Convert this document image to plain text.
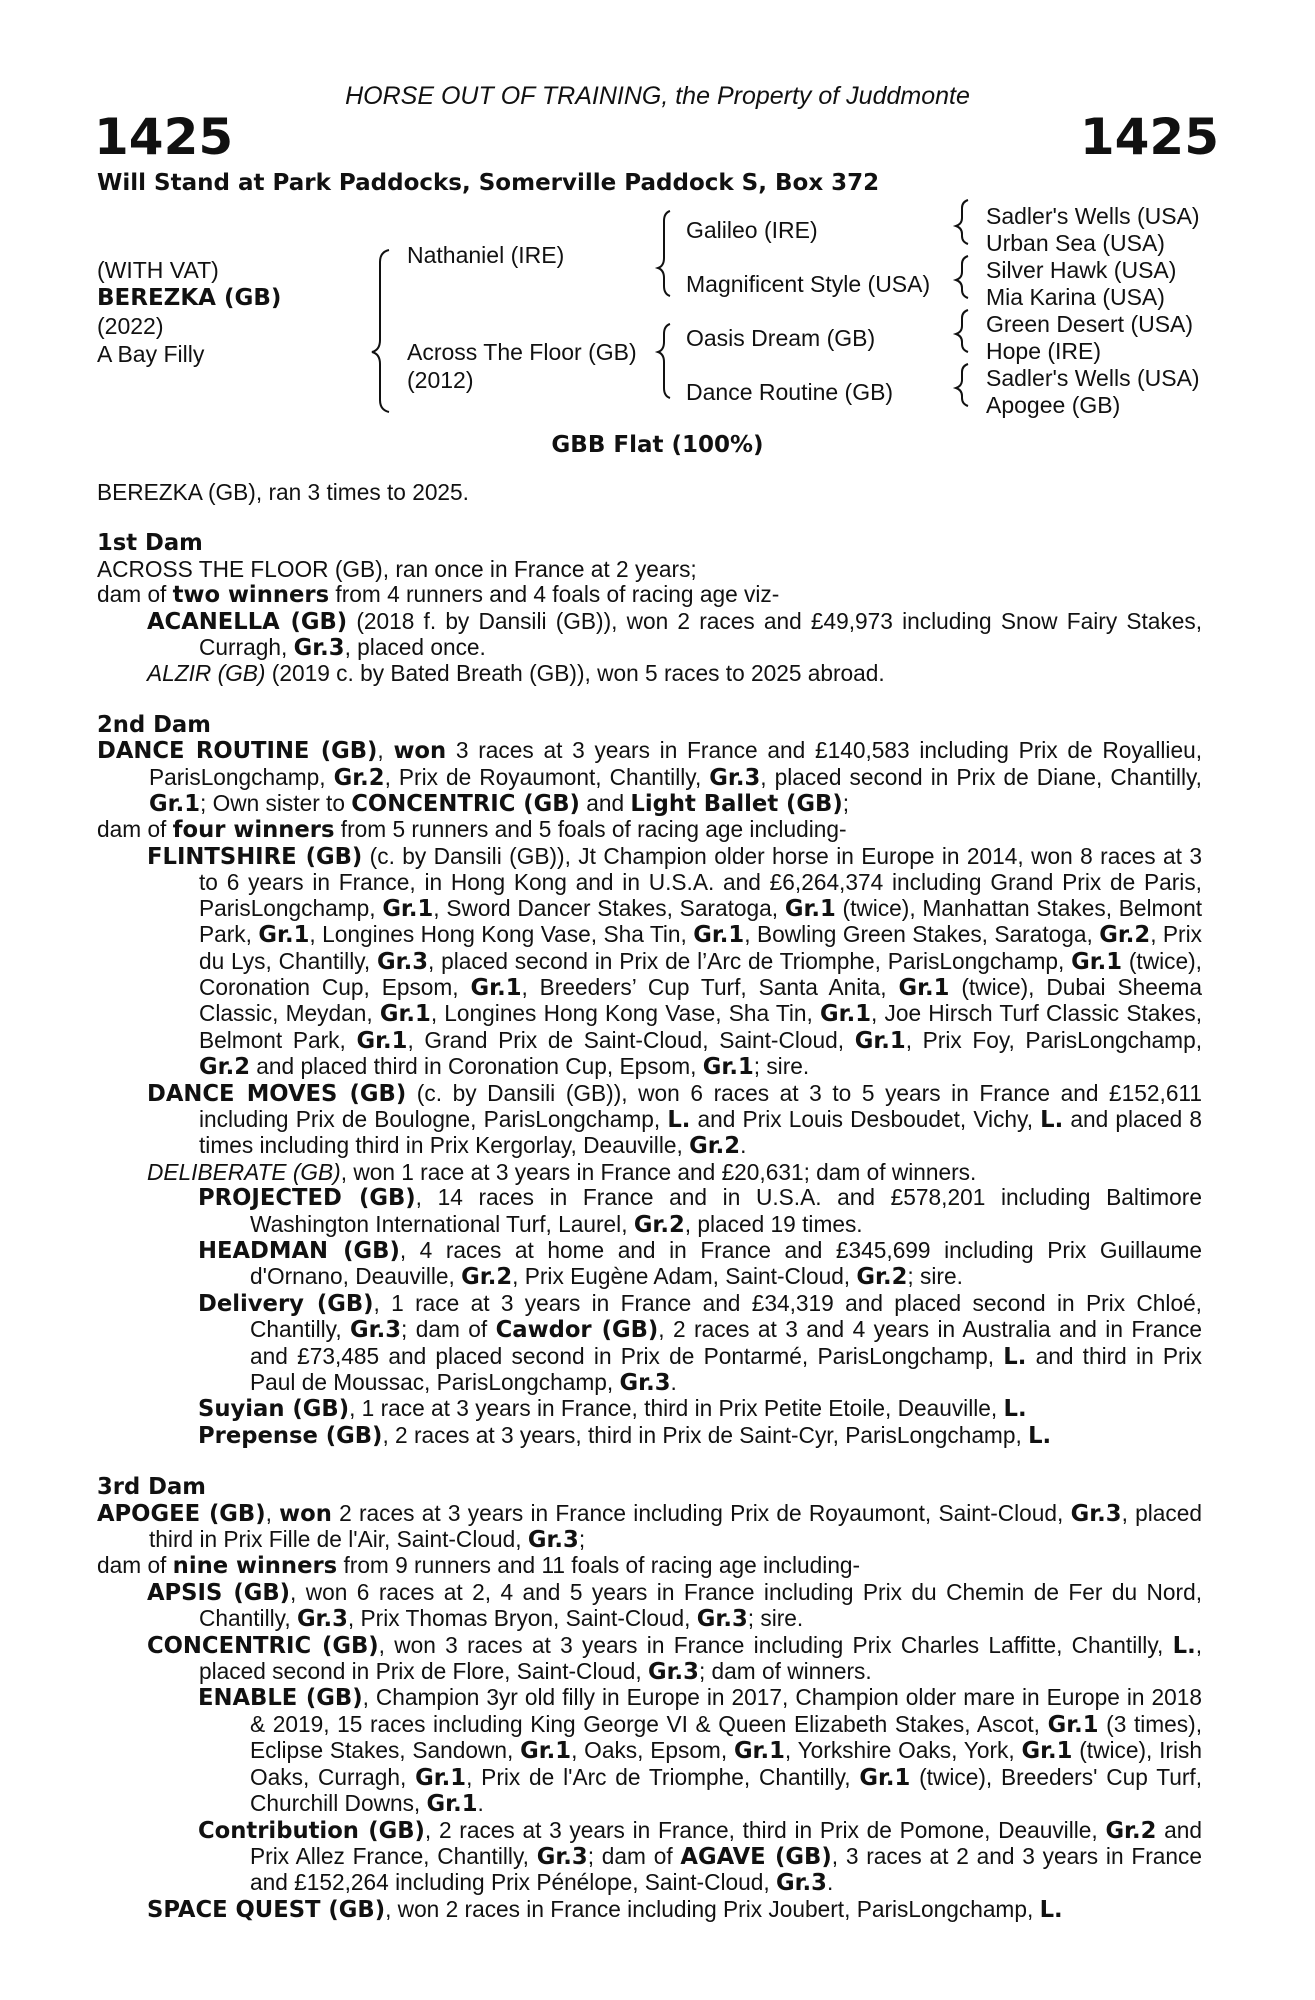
HORSE OUT OF TRAINING, the Property of Juddmonte
1425	1425
Will Stand at Park Paddocks, Somerville Paddock S, Box 372
(WITH VAT)
BEREZKA (GB)
(2022)
A Bay Filly
Nathaniel (IRE)
Across The Floor (GB)
(2012)
Galileo (IRE)
Magnificent Style (USA)
Oasis Dream (GB)
Dance Routine (GB)
Sadler's Wells (USA)
Urban Sea (USA)
Silver Hawk (USA)
Mia Karina (USA)
Green Desert (USA)
Hope (IRE)
Sadler's Wells (USA)
Apogee (GB)
GBB Flat (100%)

BEREZKA (GB), ran 3 times to 2025.

1st Dam

ACROSS THE FLOOR (GB), ran once in France at 2 years;

dam of two winners from 4 runners and 4 foals of racing age viz-

ACANELLA (GB) (2018 f. by Dansili (GB)), won 2 races and £49,973 including Snow Fairy Stakes, Curragh, Gr.3, placed once.

ALZIR (GB) (2019 c. by Bated Breath (GB)), won 5 races to 2025 abroad.

2nd Dam

DANCE ROUTINE (GB), won 3 races at 3 years in France and £140,583 including Prix de Royallieu, ParisLongchamp, Gr.2, Prix de Royaumont, Chantilly, Gr.3, placed second in Prix de Diane, Chantilly, Gr.1; Own sister to CONCENTRIC (GB) and Light Ballet (GB);

dam of four winners from 5 runners and 5 foals of racing age including-

FLINTSHIRE (GB) (c. by Dansili (GB)), Jt Champion older horse in Europe in 2014, won 8 races at 3 to 6 years in France, in Hong Kong and in U.S.A. and £6,264,374 including Grand Prix de Paris, ParisLongchamp, Gr.1, Sword Dancer Stakes, Saratoga, Gr.1 (twice), Manhattan Stakes, Belmont Park, Gr.1, Longines Hong Kong Vase, Sha Tin, Gr.1, Bowling Green Stakes, Saratoga, Gr.2, Prix du Lys, Chantilly, Gr.3, placed second in Prix de l’Arc de Triomphe, ParisLongchamp, Gr.1 (twice), Coronation Cup, Epsom, Gr.1, Breeders’ Cup Turf, Santa Anita, Gr.1 (twice), Dubai Sheema Classic, Meydan, Gr.1, Longines Hong Kong Vase, Sha Tin, Gr.1, Joe Hirsch Turf Classic Stakes, Belmont Park, Gr.1, Grand Prix de Saint-Cloud, Saint-Cloud, Gr.1, Prix Foy, ParisLongchamp, Gr.2 and placed third in Coronation Cup, Epsom, Gr.1; sire.

DANCE MOVES (GB) (c. by Dansili (GB)), won 6 races at 3 to 5 years in France and £152,611 including Prix de Boulogne, ParisLongchamp, L. and Prix Louis Desboudet, Vichy, L. and placed 8 times including third in Prix Kergorlay, Deauville, Gr.2.

DELIBERATE (GB), won 1 race at 3 years in France and £20,631; dam of winners.

PROJECTED (GB), 14 races in France and in U.S.A. and £578,201 including Baltimore Washington International Turf, Laurel, Gr.2, placed 19 times.

HEADMAN (GB), 4 races at home and in France and £345,699 including Prix Guillaume d'Ornano, Deauville, Gr.2, Prix Eugène Adam, Saint-Cloud, Gr.2; sire.

Delivery (GB), 1 race at 3 years in France and £34,319 and placed second in Prix Chloé, Chantilly, Gr.3; dam of Cawdor (GB), 2 races at 3 and 4 years in Australia and in France and £73,485 and placed second in Prix de Pontarmé, ParisLongchamp, L. and third in Prix Paul de Moussac, ParisLongchamp, Gr.3.

Suyian (GB), 1 race at 3 years in France, third in Prix Petite Etoile, Deauville, L.

Prepense (GB), 2 races at 3 years, third in Prix de Saint-Cyr, ParisLongchamp, L.

3rd Dam

APOGEE (GB), won 2 races at 3 years in France including Prix de Royaumont, Saint-Cloud, Gr.3, placed third in Prix Fille de l'Air, Saint-Cloud, Gr.3;

dam of nine winners from 9 runners and 11 foals of racing age including-

APSIS (GB), won 6 races at 2, 4 and 5 years in France including Prix du Chemin de Fer du Nord, Chantilly, Gr.3, Prix Thomas Bryon, Saint-Cloud, Gr.3; sire.

CONCENTRIC (GB), won 3 races at 3 years in France including Prix Charles Laffitte, Chantilly, L., placed second in Prix de Flore, Saint-Cloud, Gr.3; dam of winners.

ENABLE (GB), Champion 3yr old filly in Europe in 2017, Champion older mare in Europe in 2018 & 2019, 15 races including King George VI & Queen Elizabeth Stakes, Ascot, Gr.1 (3 times), Eclipse Stakes, Sandown, Gr.1, Oaks, Epsom, Gr.1, Yorkshire Oaks, York, Gr.1 (twice), Irish Oaks, Curragh, Gr.1, Prix de l'Arc de Triomphe, Chantilly, Gr.1 (twice), Breeders' Cup Turf, Churchill Downs, Gr.1.

Contribution (GB), 2 races at 3 years in France, third in Prix de Pomone, Deauville, Gr.2 and Prix Allez France, Chantilly, Gr.3; dam of AGAVE (GB), 3 races at 2 and 3 years in France and £152,264 including Prix Pénélope, Saint-Cloud, Gr.3.

SPACE QUEST (GB), won 2 races in France including Prix Joubert, ParisLongchamp, L.
